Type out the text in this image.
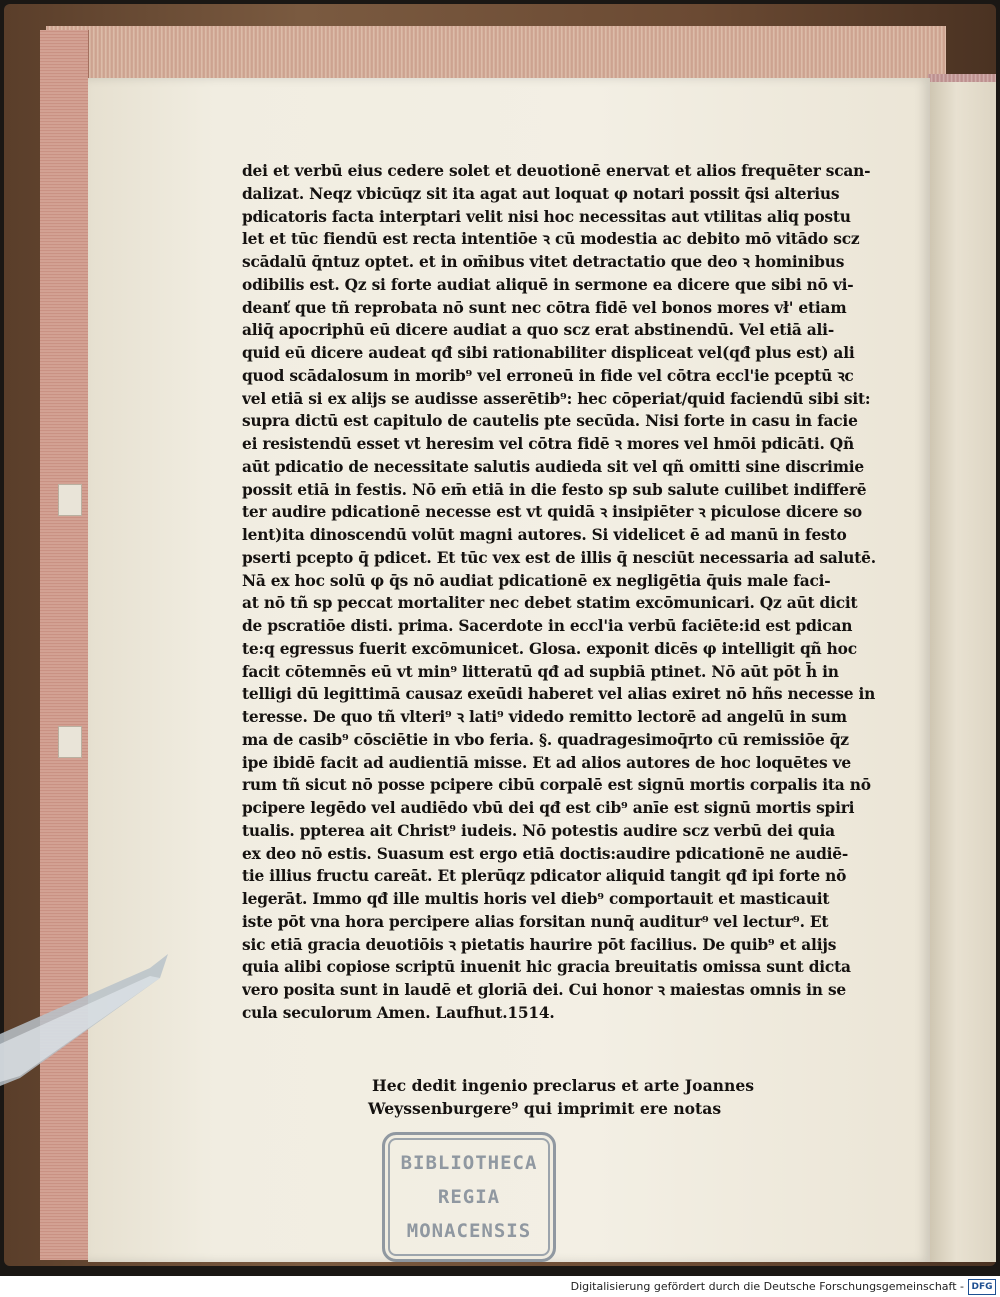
dei et verbū eius cedere solet et deuotionē enervat et alios frequēter scan-
dalizat. Neqz vbicūqz sit ita agat aut loquat φ notari possit q̄si alterius
pdicatoris facta interptari velit nisi hoc necessitas aut vtilitas aliq postu
let et tūc fiendū est recta intentiōe ꝛ cū modestia ac debito mō vitādo scz
scādalū q̄ntuz optet. et in om̄ibus vitet detractatio que deo ꝛ hominibus
odibilis est. Qz si forte audiat aliquē in sermone ea dicere que sibi nō vi-
deanť que tñ reprobata nō sunt nec cōtra fidē vel bonos mores vł' etiam
aliq̄ apocriphū eū dicere audiat a quo scz erat abstinendū. Vel etiā ali-
quid eū dicere audeat qđ sibi rationabiliter displiceat vel(qđ plus est) ali
quod scādalosum in morib⁹ vel erroneū in fide vel cōtra eccl'ie pceptū ꝛc
vel etiā si ex alijs se audisse asserētib⁹: hec cōperiat/quid faciendū sibi sit:
supra dictū est capitulo de cautelis pte secūda. Nisi forte in casu in facie
ei resistendū esset vt heresim vel cōtra fidē ꝛ mores vel hmōi pdicāti. Qñ
aūt pdicatio de necessitate salutis audieda sit vel qñ omitti sine discrimie
possit etiā in festis. Nō em̄ etiā in die festo sp sub salute cuilibet indifferē
ter audire pdicationē necesse est vt quidā ꝛ insipiēter ꝛ piculose dicere so
lent)ita dinoscendū volūt magni autores. Si videlicet ē ad manū in festo
pserti pcepto q̄ pdicet. Et tūc vex est de illis q̄ nesciūt necessaria ad salutē.
Nā ex hoc solū φ q̄s nō audiat pdicationē ex negligētia q̄uis male faci-
at nō tñ sp peccat mortaliter nec debet statim excōmunicari. Qz aūt dicit
de pscratiōe disti. prima. Sacerdote in eccl'ia verbū faciēte:id est pdican
te:q egressus fuerit excōmunicet. Glosa. exponit dicēs φ intelligit qñ hoc
facit cōtemnēs eū vt min⁹ litteratū qđ ad supbiā ptinet. Nō aūt pōt h̄ in
telligi dū legittimā causaz exeūdi haberet vel alias exiret nō hñs necesse in
teresse. De quo tñ vlteri⁹ ꝛ lati⁹ videdo remitto lectorē ad angelū in sum
ma de casib⁹ cōsciētie in vbo feria. §. quadragesimoq̄rto cū remissiōe q̄z
ipe ibidē facit ad audientiā misse. Et ad alios autores de hoc loquētes ve
rum tñ sicut nō posse pcipere cibū corpalē est signū mortis corpalis ita nō
pcipere legēdo vel audiēdo vbū dei qđ est cib⁹ anīe est signū mortis spiri
tualis. ppterea ait Christ⁹ iudeis. Nō potestis audire scz verbū dei quia
ex deo nō estis. Suasum est ergo etiā doctis:audire pdicationē ne audiē-
tie illius fructu careāt. Et plerūqz pdicator aliquid tangit qđ ipi forte nō
legerāt. Immo qđ ille multis horis vel dieb⁹ comportauit et masticauit
iste pōt vna hora percipere alias forsitan nunq̄ auditur⁹ vel lectur⁹. Et
sic etiā gracia deuotiōis ꝛ pietatis haurire pōt facilius. De quib⁹ et alijs
quia alibi copiose scriptū inuenit hic gracia breuitatis omissa sunt dicta
vero posita sunt in laudē et gloriā dei. Cui honor ꝛ maiestas omnis in se
cula seculorum Amen. Laufhut.1514.
Hec dedit ingenio preclarus et arte Joannes
Weyssenburgere⁹ qui imprimit ere notas
BIBLIOTHECA
REGIA
MONACENSIS
Digitalisierung gefördert durch die Deutsche Forschungsgemeinschaft - DFG
